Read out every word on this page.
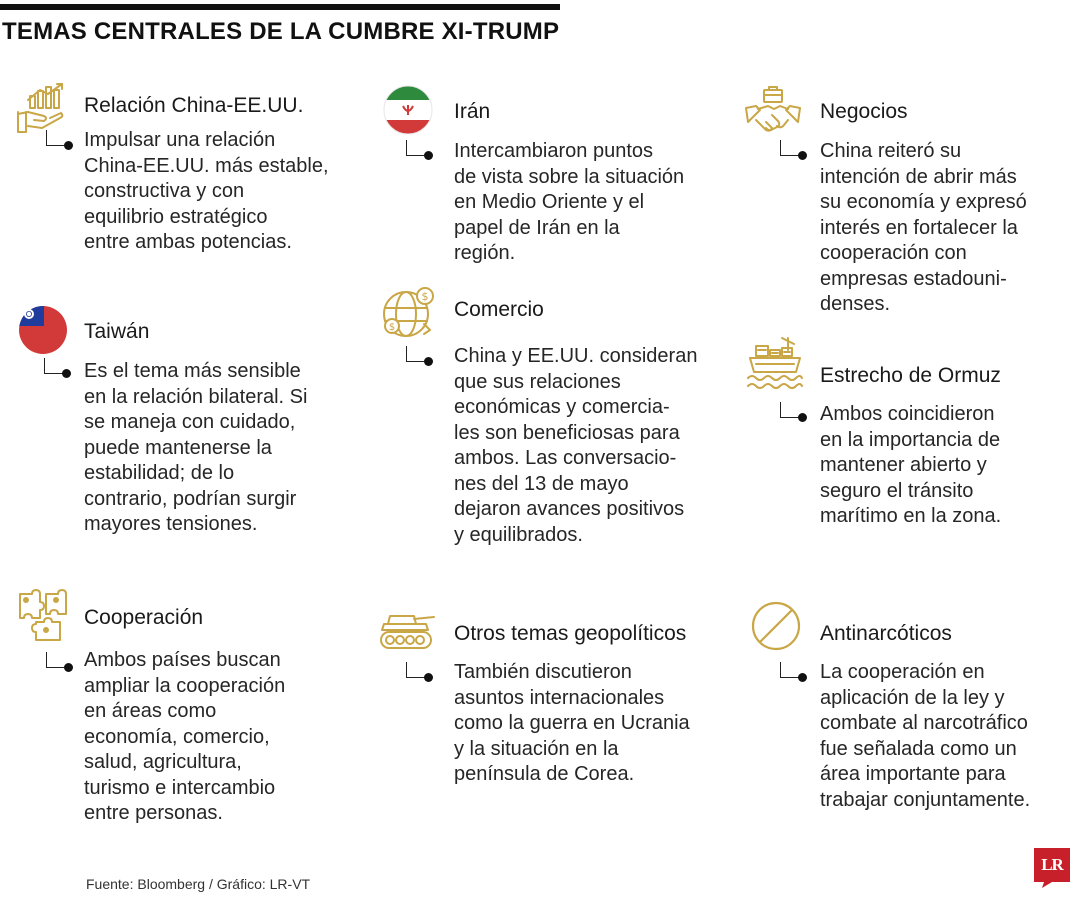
TEMAS CENTRALES DE LA CUMBRE XI-TRUMP
Relación China-EE.UU.
Impulsar una relación
China-EE.UU. más estable,
constructiva y con
equilibrio estratégico
entre ambas potencias.
Irán
Intercambiaron puntos
de vista sobre la situación
en Medio Oriente y el
papel de Irán en la
región.
Negocios
China reiteró su
intención de abrir más
su economía y expresó
interés en fortalecer la
cooperación con
empresas estadouni-
denses.
Taiwán
Es el tema más sensible
en la relación bilateral. Si
se maneja con cuidado,
puede mantenerse la
estabilidad; de lo
contrario, podrían surgir
mayores tensiones.
$
$
Comercio
China y EE.UU. consideran
que sus relaciones
económicas y comercia-
les son beneficiosas para
ambos. Las conversacio-
nes del 13 de mayo
dejaron avances positivos
y equilibrados.
Estrecho de Ormuz
Ambos coincidieron
en la importancia de
mantener abierto y
seguro el tránsito
marítimo en la zona.
Cooperación
Ambos países buscan
ampliar la cooperación
en áreas como
economía, comercio,
salud, agricultura,
turismo e intercambio
entre personas.
Otros temas geopolíticos
También discutieron
asuntos internacionales
como la guerra en Ucrania
y la situación en la
península de Corea.
Antinarcóticos
La cooperación en
aplicación de la ley y
combate al narcotráfico
fue señalada como un
área importante para
trabajar conjuntamente.
Fuente: Bloomberg / Gráfico: LR-VT
LR
